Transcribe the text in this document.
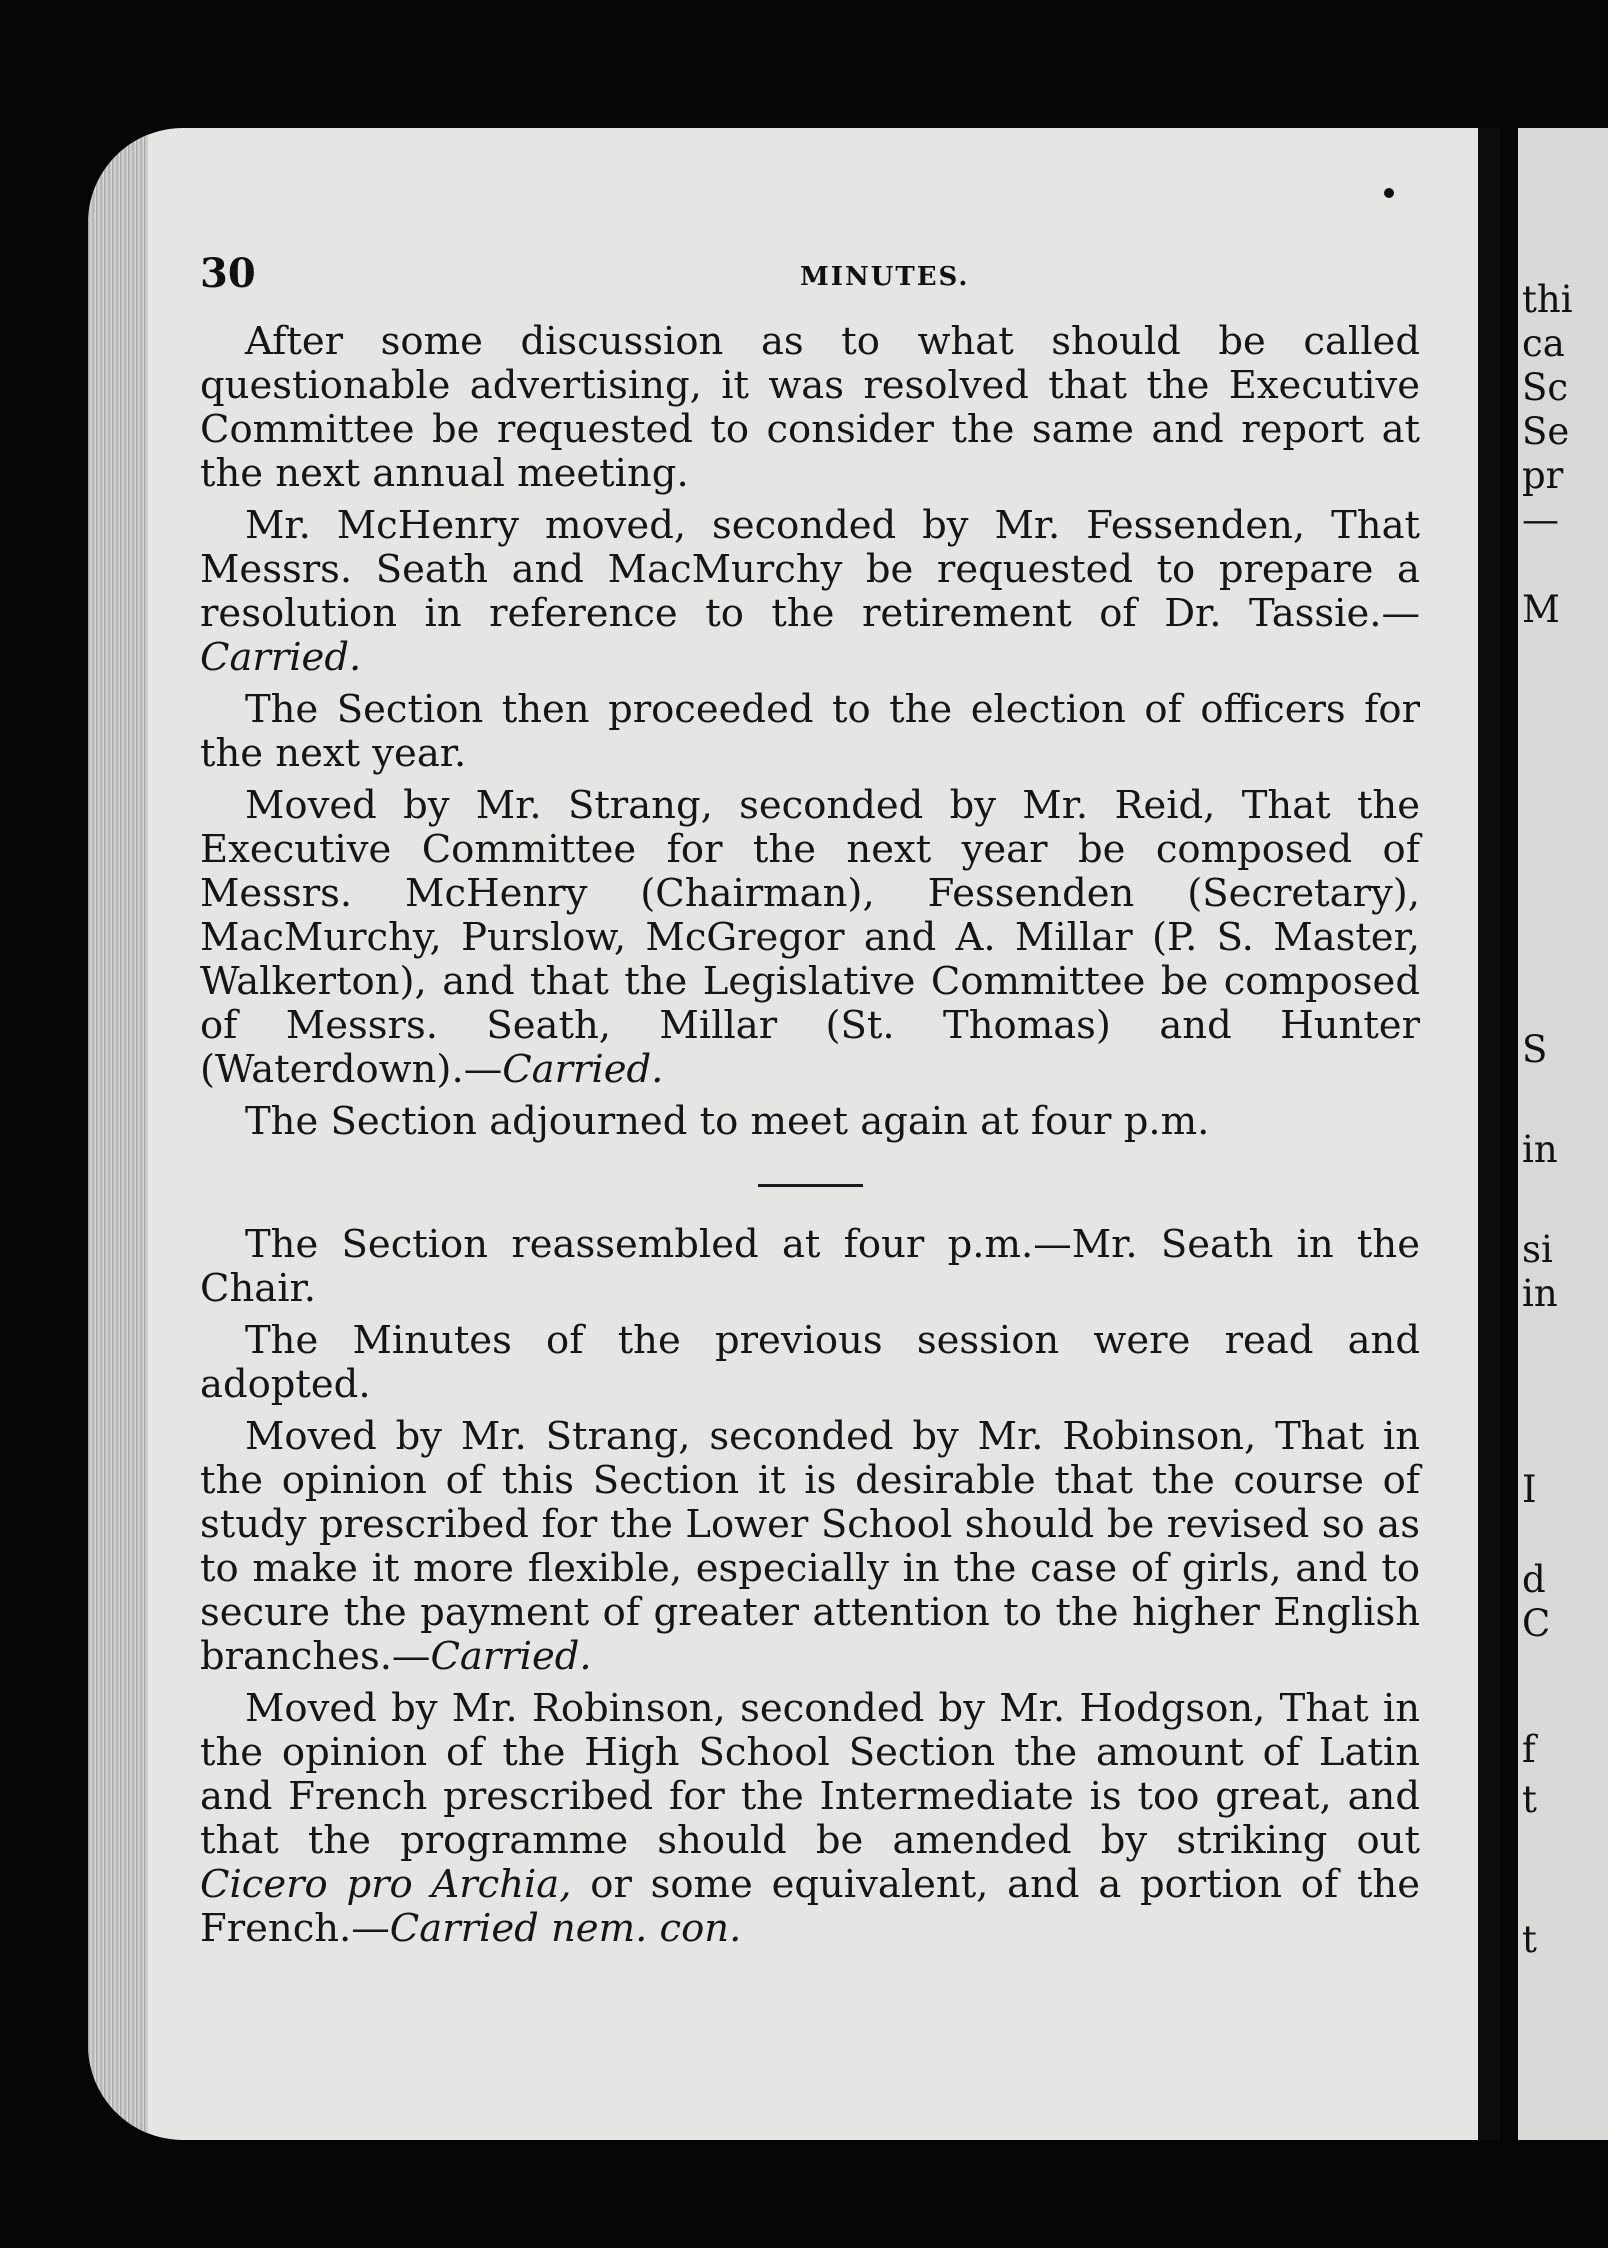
thi
ca
Sc
Se
pr
—
M
S
in
si
in
I
d
C
f
t
t
30	MINUTES.

After some discussion as to what should be called questionable advertising, it was resolved that the Executive Committee be requested to consider the same and report at the next annual meeting.

Mr. McHenry moved, seconded by Mr. Fessenden, That Messrs. Seath and MacMurchy be requested to prepare a resolution in reference to the retirement of Dr. Tassie.— Carried.

The Section then proceeded to the election of officers for the next year.

Moved by Mr. Strang, seconded by Mr. Reid, That the Executive Committee for the next year be composed of Messrs. McHenry (Chairman), Fessenden (Secretary), MacMurchy, Purslow, McGregor and A. Millar (P. S. Master, Walkerton), and that the Legislative Committee be composed of Messrs. Seath, Millar (St. Thomas) and Hunter (Waterdown).—Carried.

The Section adjourned to meet again at four p.m.

The Section reassembled at four p.m.—Mr. Seath in the Chair.

The Minutes of the previous session were read and adopted.

Moved by Mr. Strang, seconded by Mr. Robinson, That in the opinion of this Section it is desirable that the course of study prescribed for the Lower School should be revised so as to make it more flexible, especially in the case of girls, and to secure the payment of greater attention to the higher English branches.—Carried.

Moved by Mr. Robinson, seconded by Mr. Hodgson, That in the opinion of the High School Section the amount of Latin and French prescribed for the Intermediate is too great, and that the programme should be amended by striking out Cicero pro Archia, or some equivalent, and a portion of the French.—Carried nem. con.
